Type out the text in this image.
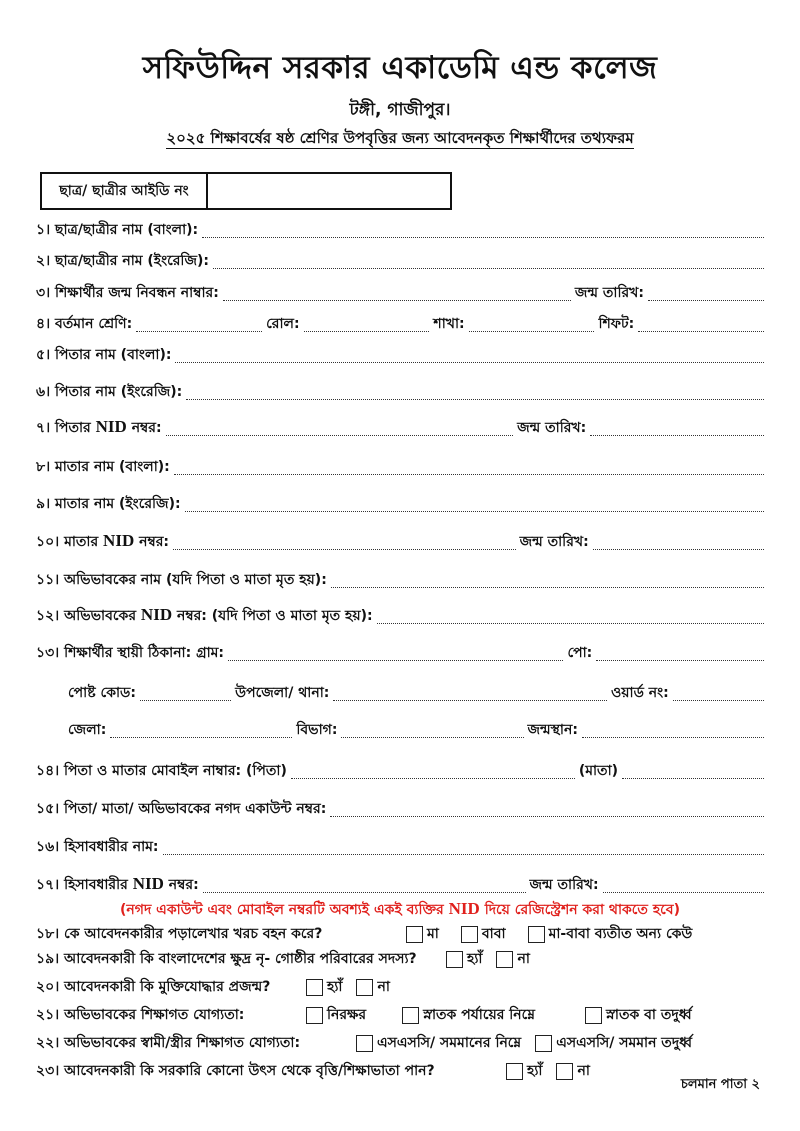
সফিউদ্দিন সরকার একাডেমি এন্ড কলেজ
টঙ্গী, গাজীপুর।
২০২৫ শিক্ষাবর্ষের ষষ্ঠ শ্রেণির উপবৃত্তির জন্য আবেদনকৃত শিক্ষার্থীদের তথ্যফরম
ছাত্র/ ছাত্রীর আইডি নং
১। ছাত্র/ছাত্রীর নাম (বাংলা):
২। ছাত্র/ছাত্রীর নাম (ইংরেজি):
৩। শিক্ষার্থীর জন্ম নিবন্ধন নাম্বার:	জন্ম তারিখ:
৪। বর্তমান শ্রেণি:	রোল:	শাখা:	শিফট:
৫। পিতার নাম (বাংলা):
৬। পিতার নাম (ইংরেজি):
৭। পিতার NID নম্বর:	জন্ম তারিখ:
৮। মাতার নাম (বাংলা):
৯। মাতার নাম (ইংরেজি):
১০। মাতার NID নম্বর:	জন্ম তারিখ:
১১। অভিভাবকের নাম (যদি পিতা ও মাতা মৃত হয়):
১২। অভিভাবকের NID নম্বর: (যদি পিতা ও মাতা মৃত হয়):
১৩। শিক্ষার্থীর স্থায়ী ঠিকানা: গ্রাম:	পো:
পোষ্ট কোড:	উপজেলা/ থানা:	ওয়ার্ড নং:
জেলা:	বিভাগ:	জন্মস্থান:
১৪। পিতা ও মাতার মোবাইল নাম্বার: (পিতা)	(মাতা)
১৫। পিতা/ মাতা/ অভিভাবকের নগদ একাউন্ট নম্বর:
১৬। হিসাবধারীর নাম:
১৭। হিসাবধারীর NID নম্বর:	জন্ম তারিখ:
(নগদ একাউন্ট এবং মোবাইল নম্বরটি অবশ্যই একই ব্যক্তির NID দিয়ে রেজিস্ট্রেশন করা থাকতে হবে)
১৮। কে আবেদনকারীর পড়ালেখার খরচ বহন করে?	মা	বাবা	মা-বাবা ব্যতীত অন্য কেউ
১৯। আবেদনকারী কি বাংলাদেশের ক্ষুদ্র নৃ- গোষ্ঠীর পরিবারের সদস্য?	হ্যাঁ	না
২০। আবেদনকারী কি মুক্তিযোদ্ধার প্রজন্ম?	হ্যাঁ	না
২১। অভিভাবকের শিক্ষাগত যোগ্যতা:	নিরক্ষর	স্নাতক পর্যায়ের নিম্নে	স্নাতক বা তদুর্ধ্ব
২২। অভিভাবকের স্বামী/স্ত্রীর শিক্ষাগত যোগ্যতা:	এসএসসি/ সমমানের নিম্নে	এসএসসি/ সমমান তদুর্ধ্ব
২৩। আবেদনকারী কি সরকারি কোনো উৎস থেকে বৃত্তি/শিক্ষাভাতা পান?	হ্যাঁ	না
চলমান পাতা ২
